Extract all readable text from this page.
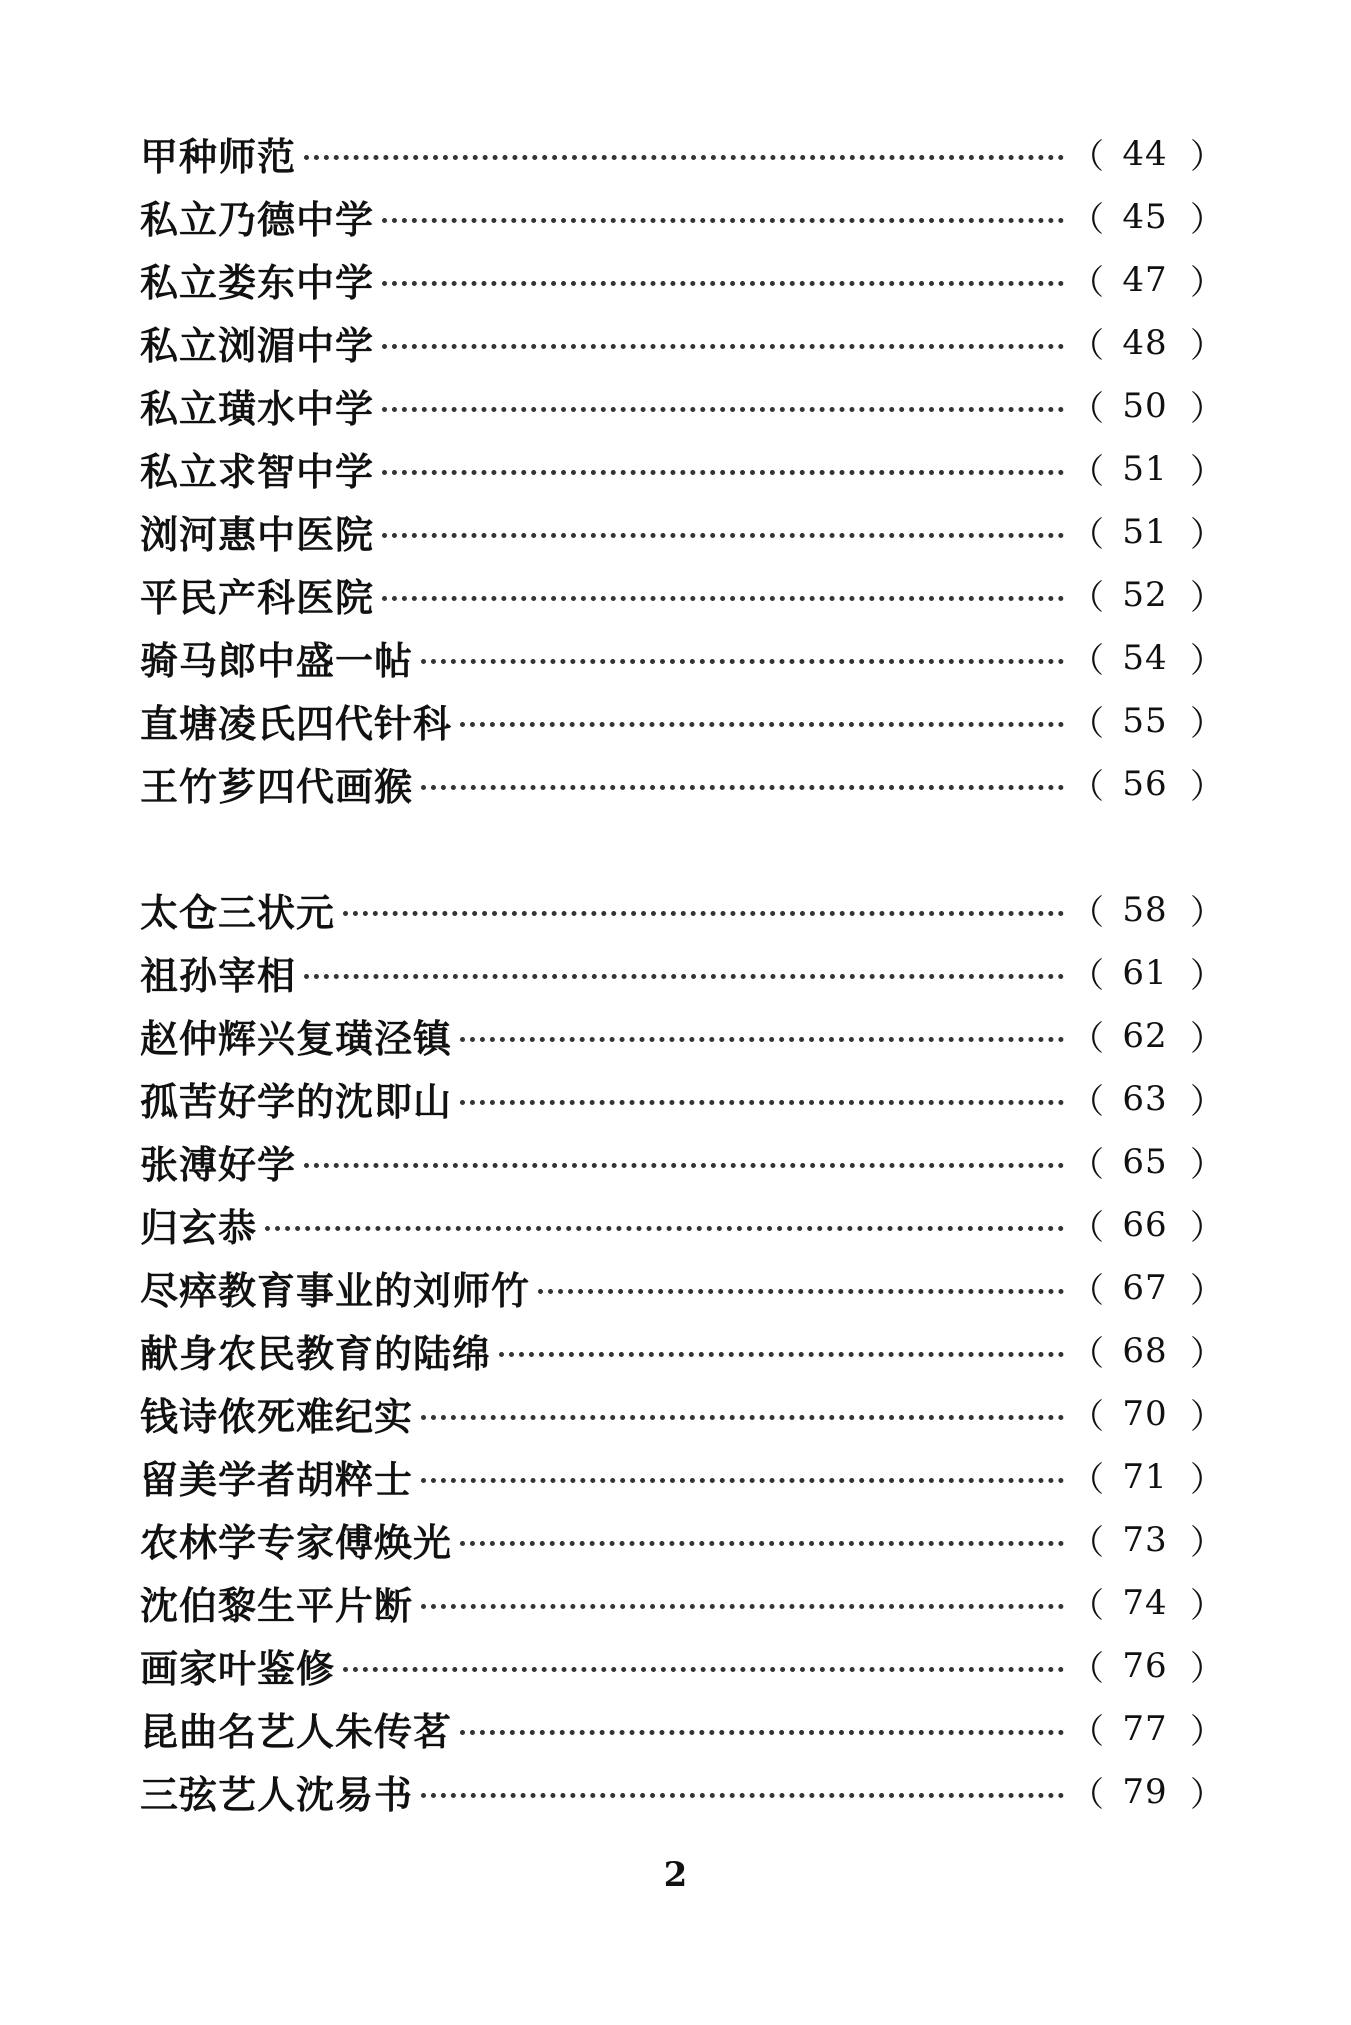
甲种师范	（ 44 ）
私立乃德中学	（ 45 ）
私立娄东中学	（ 47 ）
私立浏湄中学	（ 48 ）
私立璜水中学	（ 50 ）
私立求智中学	（ 51 ）
浏河惠中医院	（ 51 ）
平民产科医院	（ 52 ）
骑马郎中盛一帖	（ 54 ）
直塘凌氏四代针科	（ 55 ）
王竹芗四代画猴	（ 56 ）
太仓三状元	（ 58 ）
祖孙宰相	（ 61 ）
赵仲辉兴复璜泾镇	（ 62 ）
孤苦好学的沈即山	（ 63 ）
张溥好学	（ 65 ）
归玄恭	（ 66 ）
尽瘁教育事业的刘师竹	（ 67 ）
献身农民教育的陆绵	（ 68 ）
钱诗侬死难纪实	（ 70 ）
留美学者胡粹士	（ 71 ）
农林学专家傅焕光	（ 73 ）
沈伯黎生平片断	（ 74 ）
画家叶鉴修	（ 76 ）
昆曲名艺人朱传茗	（ 77 ）
三弦艺人沈易书	（ 79 ）
2
